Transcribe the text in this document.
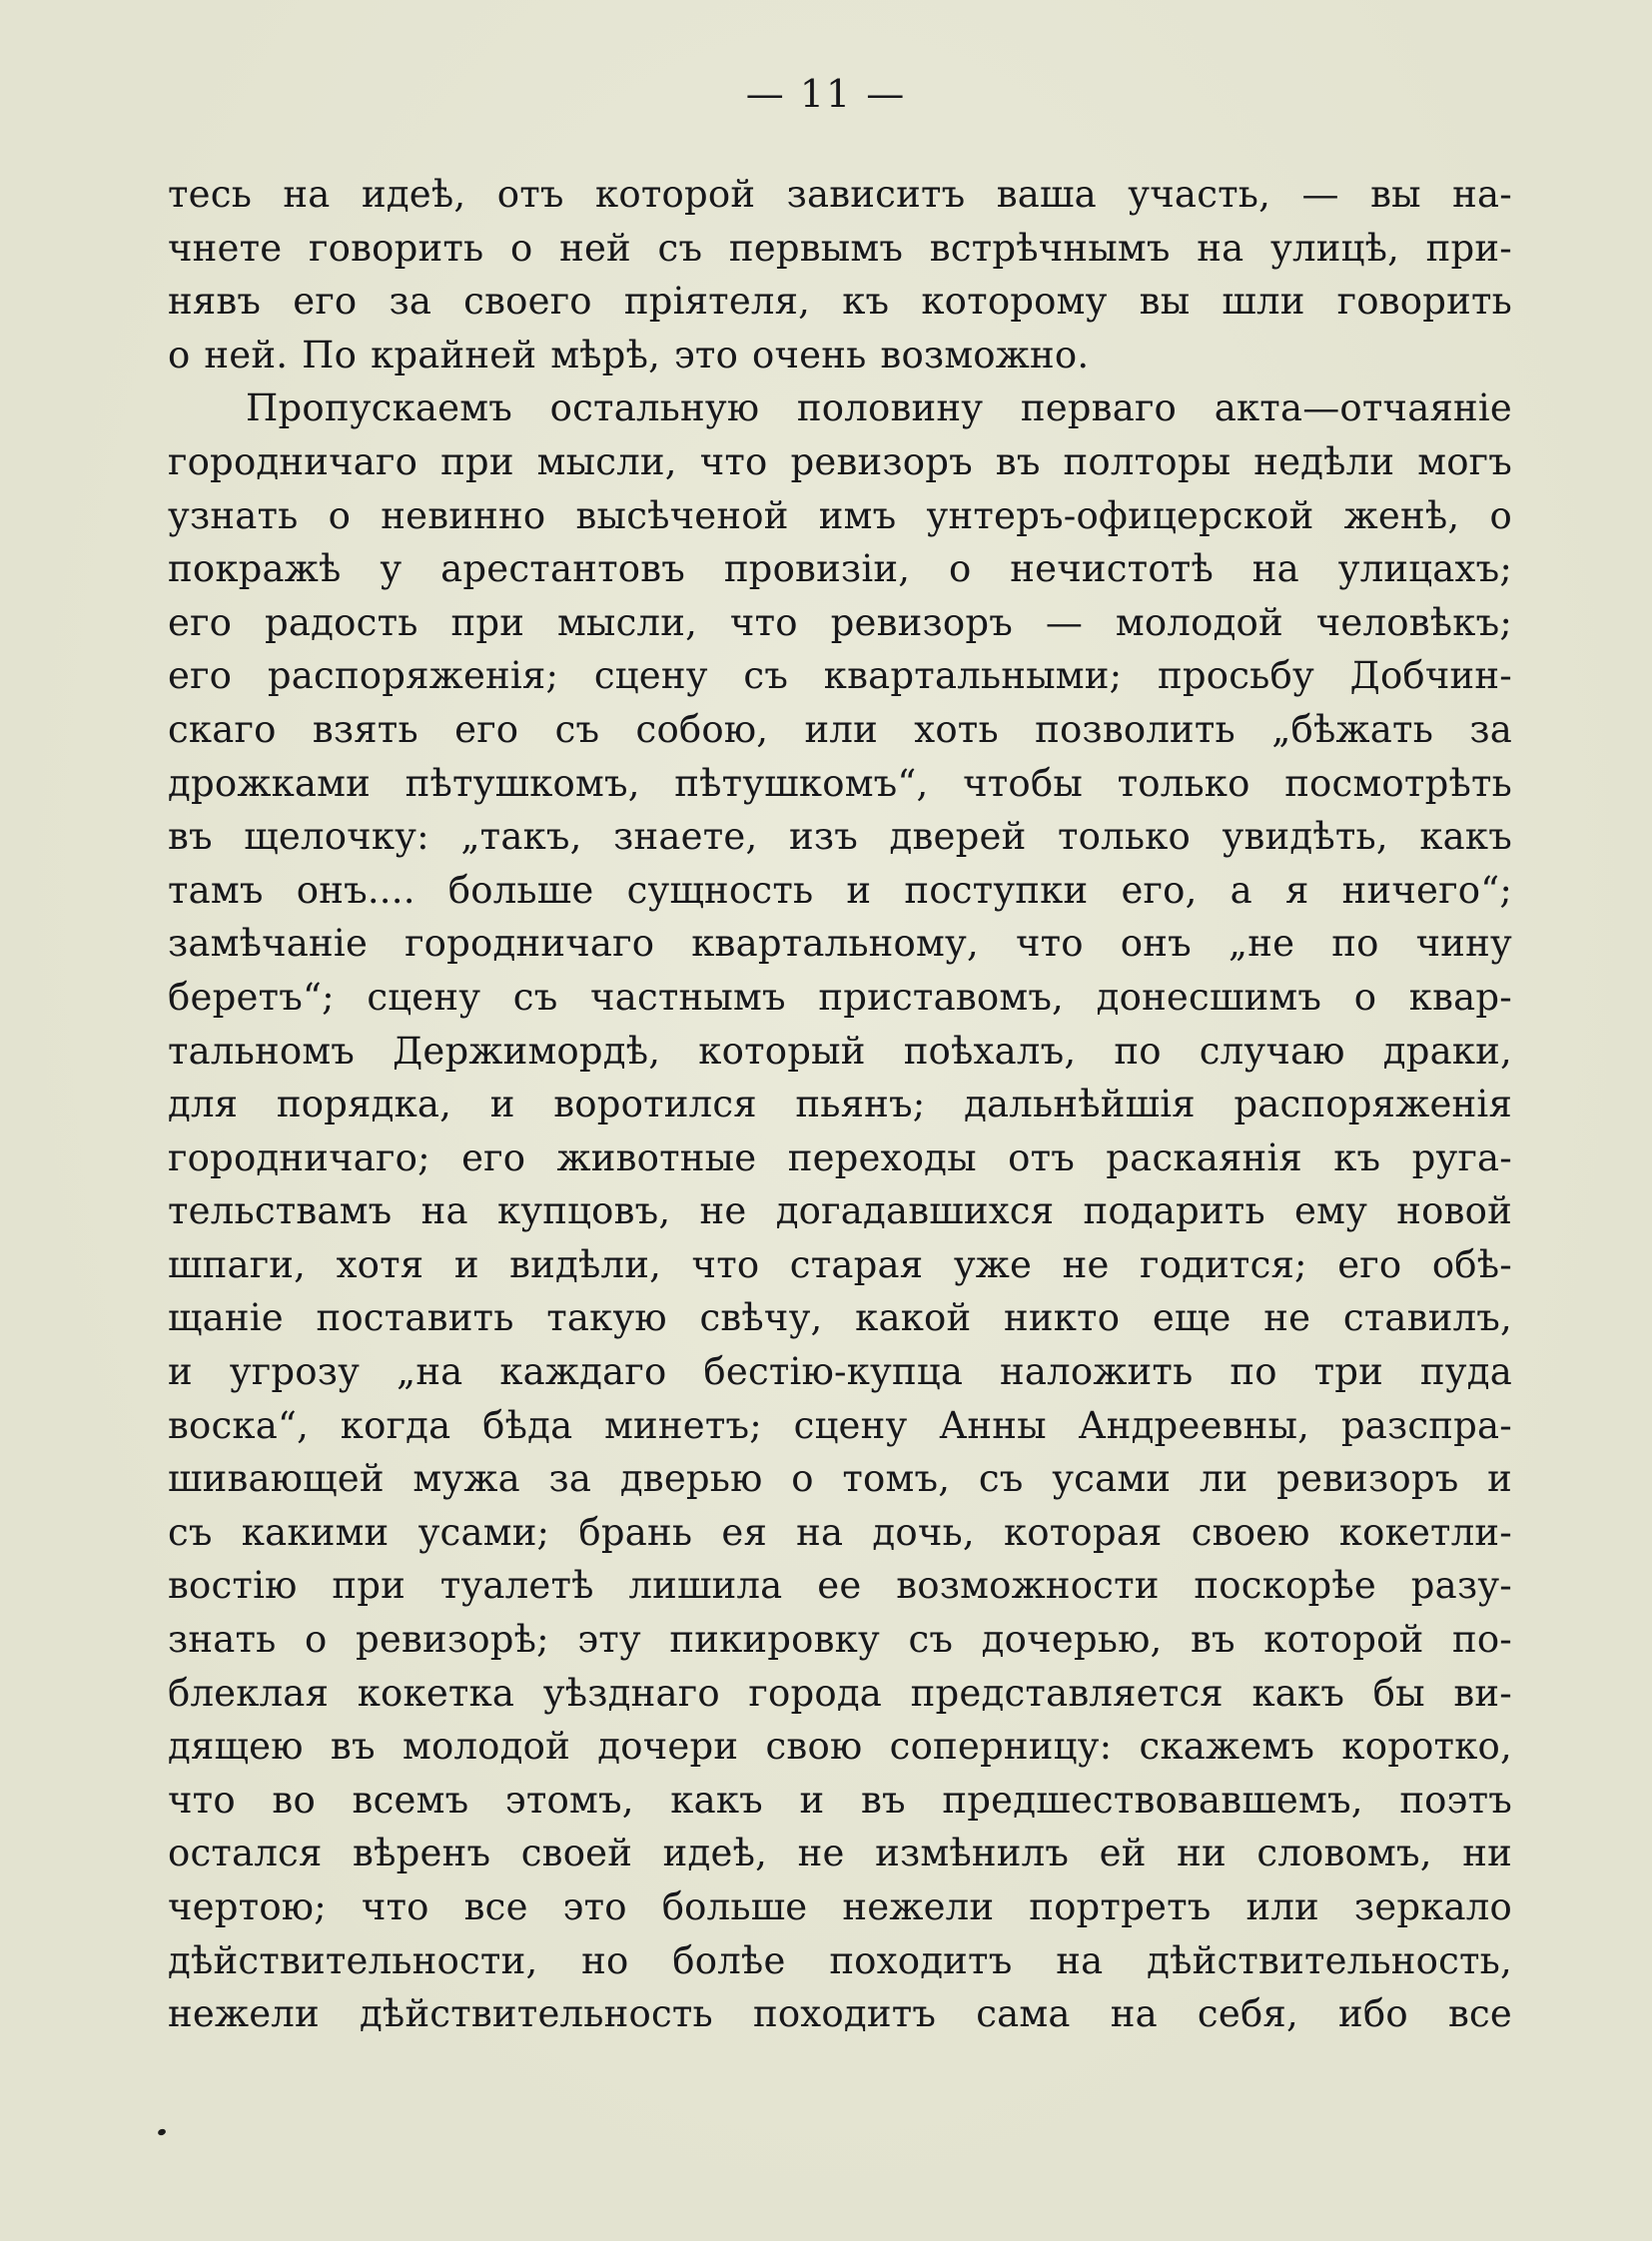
— 11 —
тесь на идеѣ, отъ которой зависитъ ваша участь, — вы на-
чнете говорить о ней съ первымъ встрѣчнымъ на улицѣ, при-
нявъ его за своего пріятеля, къ которому вы шли говорить
о ней. По крайней мѣрѣ, это очень возможно.
Пропускаемъ остальную половину перваго акта—отчаяніе
городничаго при мысли, что ревизоръ въ полторы недѣли могъ
узнать о невинно высѣченой имъ унтеръ-офицерской женѣ, о
покражѣ у арестантовъ провизіи, о нечистотѣ на улицахъ;
его радость при мысли, что ревизоръ — молодой человѣкъ;
его распоряженія; сцену съ квартальными; просьбу Добчин-
скаго взять его съ собою, или хоть позволить „бѣжать за
дрожками пѣтушкомъ, пѣтушкомъ“, чтобы только посмотрѣть
въ щелочку: „такъ, знаете, изъ дверей только увидѣть, какъ
тамъ онъ.... больше сущность и поступки его, а я ничего“;
замѣчаніе городничаго квартальному, что онъ „не по чину
беретъ“; сцену съ частнымъ приставомъ, донесшимъ о квар-
тальномъ Держимордѣ, который поѣхалъ, по случаю драки,
для порядка, и воротился пьянъ; дальнѣйшія распоряженія
городничаго; его животные переходы отъ раскаянія къ руга-
тельствамъ на купцовъ, не догадавшихся подарить ему новой
шпаги, хотя и видѣли, что старая уже не годится; его обѣ-
щаніе поставить такую свѣчу, какой никто еще не ставилъ,
и угрозу „на каждаго бестію-купца наложить по три пуда
воска“, когда бѣда минетъ; сцену Анны Андреевны, разспра-
шивающей мужа за дверью о томъ, съ усами ли ревизоръ и
съ какими усами; брань ея на дочь, которая своею кокетли-
востію при туалетѣ лишила ее возможности поскорѣе разу-
знать о ревизорѣ; эту пикировку съ дочерью, въ которой по-
блеклая кокетка уѣзднаго города представляется какъ бы ви-
дящею въ молодой дочери свою соперницу: скажемъ коротко,
что во всемъ этомъ, какъ и въ предшествовавшемъ, поэтъ
остался вѣренъ своей идеѣ, не измѣнилъ ей ни словомъ, ни
чертою; что все это больше нежели портретъ или зеркало
дѣйствительности, но болѣе походитъ на дѣйствительность,
нежели дѣйствительность походитъ сама на себя, ибо все
